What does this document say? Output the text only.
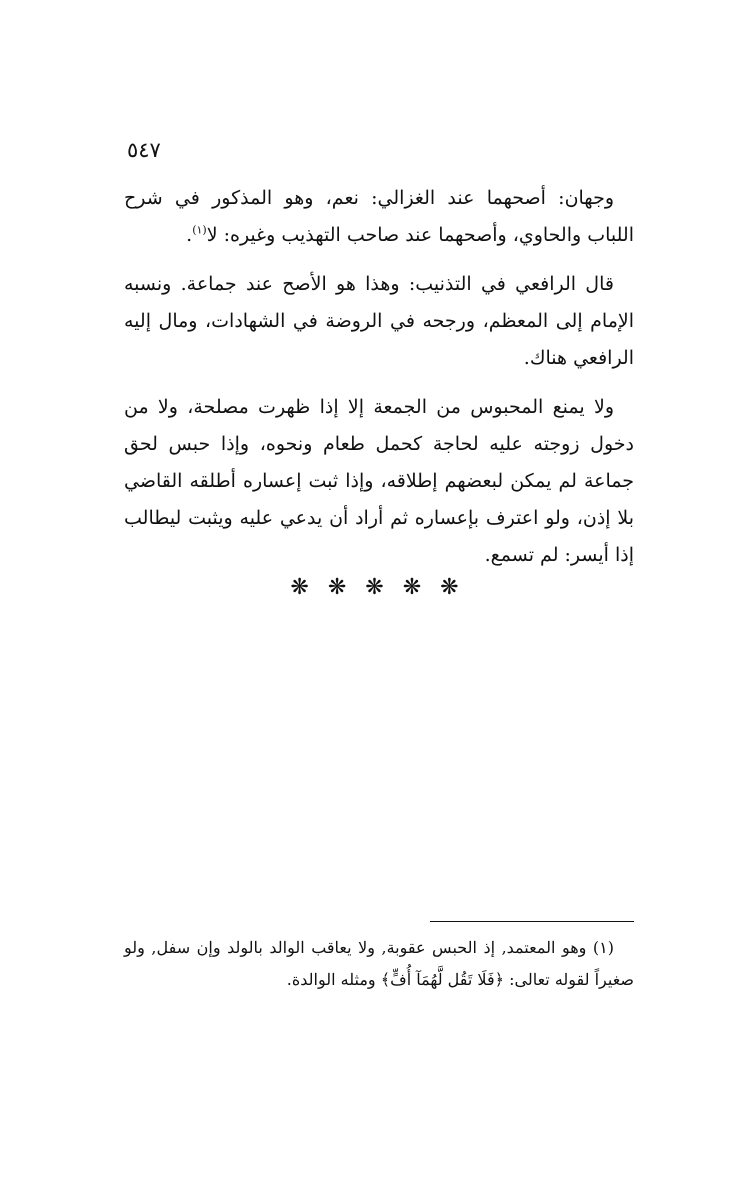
٥٤٧

وجهان: أصحهما عند الغزالي: نعم، وهو المذكور في شرح اللباب والحاوي، وأصحهما عند صاحب التهذيب وغيره: لا$^{(١)}$.

قال الرافعي في التذنيب: وهذا هو الأصح عند جماعة. ونسبه الإمام إلى المعظم، ورجحه في الروضة في الشهادات، ومال إليه الرافعي هناك.

ولا يمنع المحبوس من الجمعة إلا إذا ظهرت مصلحة، ولا من دخول زوجته عليه لحاجة كحمل طعام ونحوه، وإذا حبس لحق جماعة لم يمكن لبعضهم إطلاقه، وإذا ثبت إعساره أطلقه القاضي بلا إذن، ولو اعترف بإعساره ثم أراد أن يدعي عليه ويثبت ليطالب إذا أيسر: لم تسمع.

❋ ❋ ❋ ❋ ❋

(١) وهو المعتمد, إذ الحبس عقوبة, ولا يعاقب الوالد بالولد وإن سفل, ولو صغيراً لقوله تعالى: ﴿فَلَا تَقُل لَّهُمَآ أُفٍّ﴾ ومثله الوالدة.
